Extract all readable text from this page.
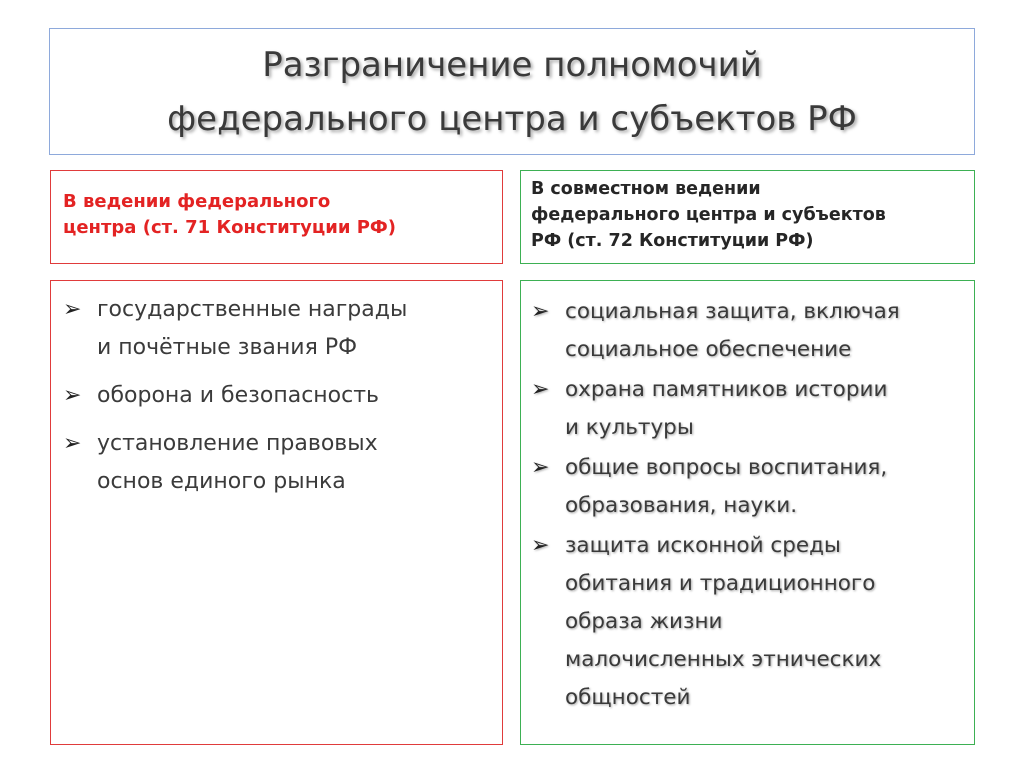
Разграничение полномочий
федерального центра и субъектов РФ
В ведении федерального
центра (ст. 71 Конституции РФ)
В совместном ведении
федерального центра и субъектов
РФ (ст. 72 Конституции РФ)
➢ государственные награды
и почётные звания РФ
➢ оборона и безопасность
➢ установление правовых
основ единого рынка
➢ социальная защита, включая
социальное обеспечение
➢ охрана памятников истории
и культуры
➢ общие вопросы воспитания,
образования, науки.
➢ защита исконной среды
обитания и традиционного
образа жизни
малочисленных этнических
общностей
